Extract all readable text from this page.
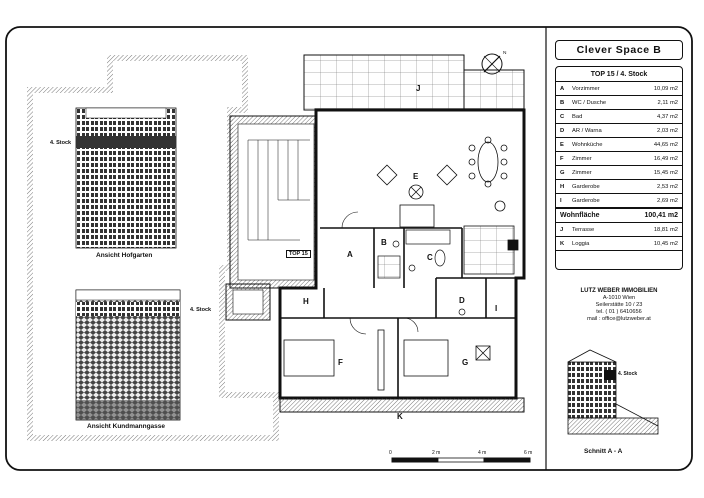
N	Clever Space B
TOP 15 / 4. Stock
A	Vorzimmer	10,09 m2
B	WC / Dusche	2,11 m2
C	Bad	4,37 m2
D	AR / Warna	2,03 m2
E	Wohnküche	44,65 m2
F	Zimmer	16,49 m2
G	Zimmer	15,45 m2
H	Garderobe	2,53 m2
I	Garderobe	2,69 m2
Wohnfläche	100,41 m2
J	Terrasse	18,81 m2
K	Loggia	10,45 m2
LUTZ WEBER IMMOBILIEN
A-1010 Wien
Seilerstätte 10 / 23
tel. ( 01 ) 6410656
mail : office@lutzweber.at
4. Stock
Schnitt A - A
4. Stock
Ansicht Hofgarten
4. Stock
Ansicht Kundmanngasse
TOP 15	A
B
C
D
E
F	G
H
I
J
K
0	2 m	4 m	6 m
